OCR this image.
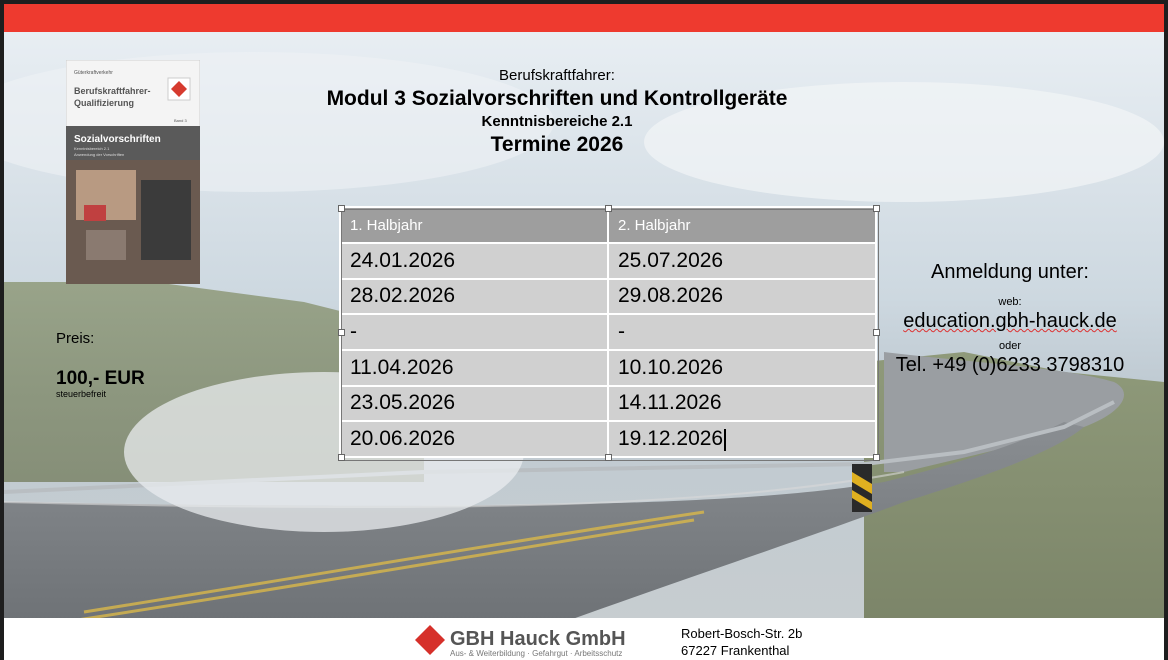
Güterkraftverkehr
Berufskraftfahrer-
Qualifizierung
Band 3
Sozialvorschriften
Kenntnisbereich 2.1
Anwendung der Vorschriften
Berufskraftfahrer:
Modul 3 Sozialvorschriften und Kontrollgeräte
Kenntnisbereiche 2.1
Termine 2026
Preis:
100,- EUR
steuerbefreit
1. Halbjahr	2. Halbjahr
24.01.2026	25.07.2026
28.02.2026	29.08.2026
-	-
11.04.2026	10.10.2026
23.05.2026	14.11.2026
20.06.2026	19.12.2026
Anmeldung unter:
web:
education.gbh-hauck.de
oder
Tel. +49 (0)6233 3798310
GBH Hauck GmbH
Aus- & Weiterbildung · Gefahrgut · Arbeitsschutz
Robert-Bosch-Str. 2b
67227 Frankenthal
